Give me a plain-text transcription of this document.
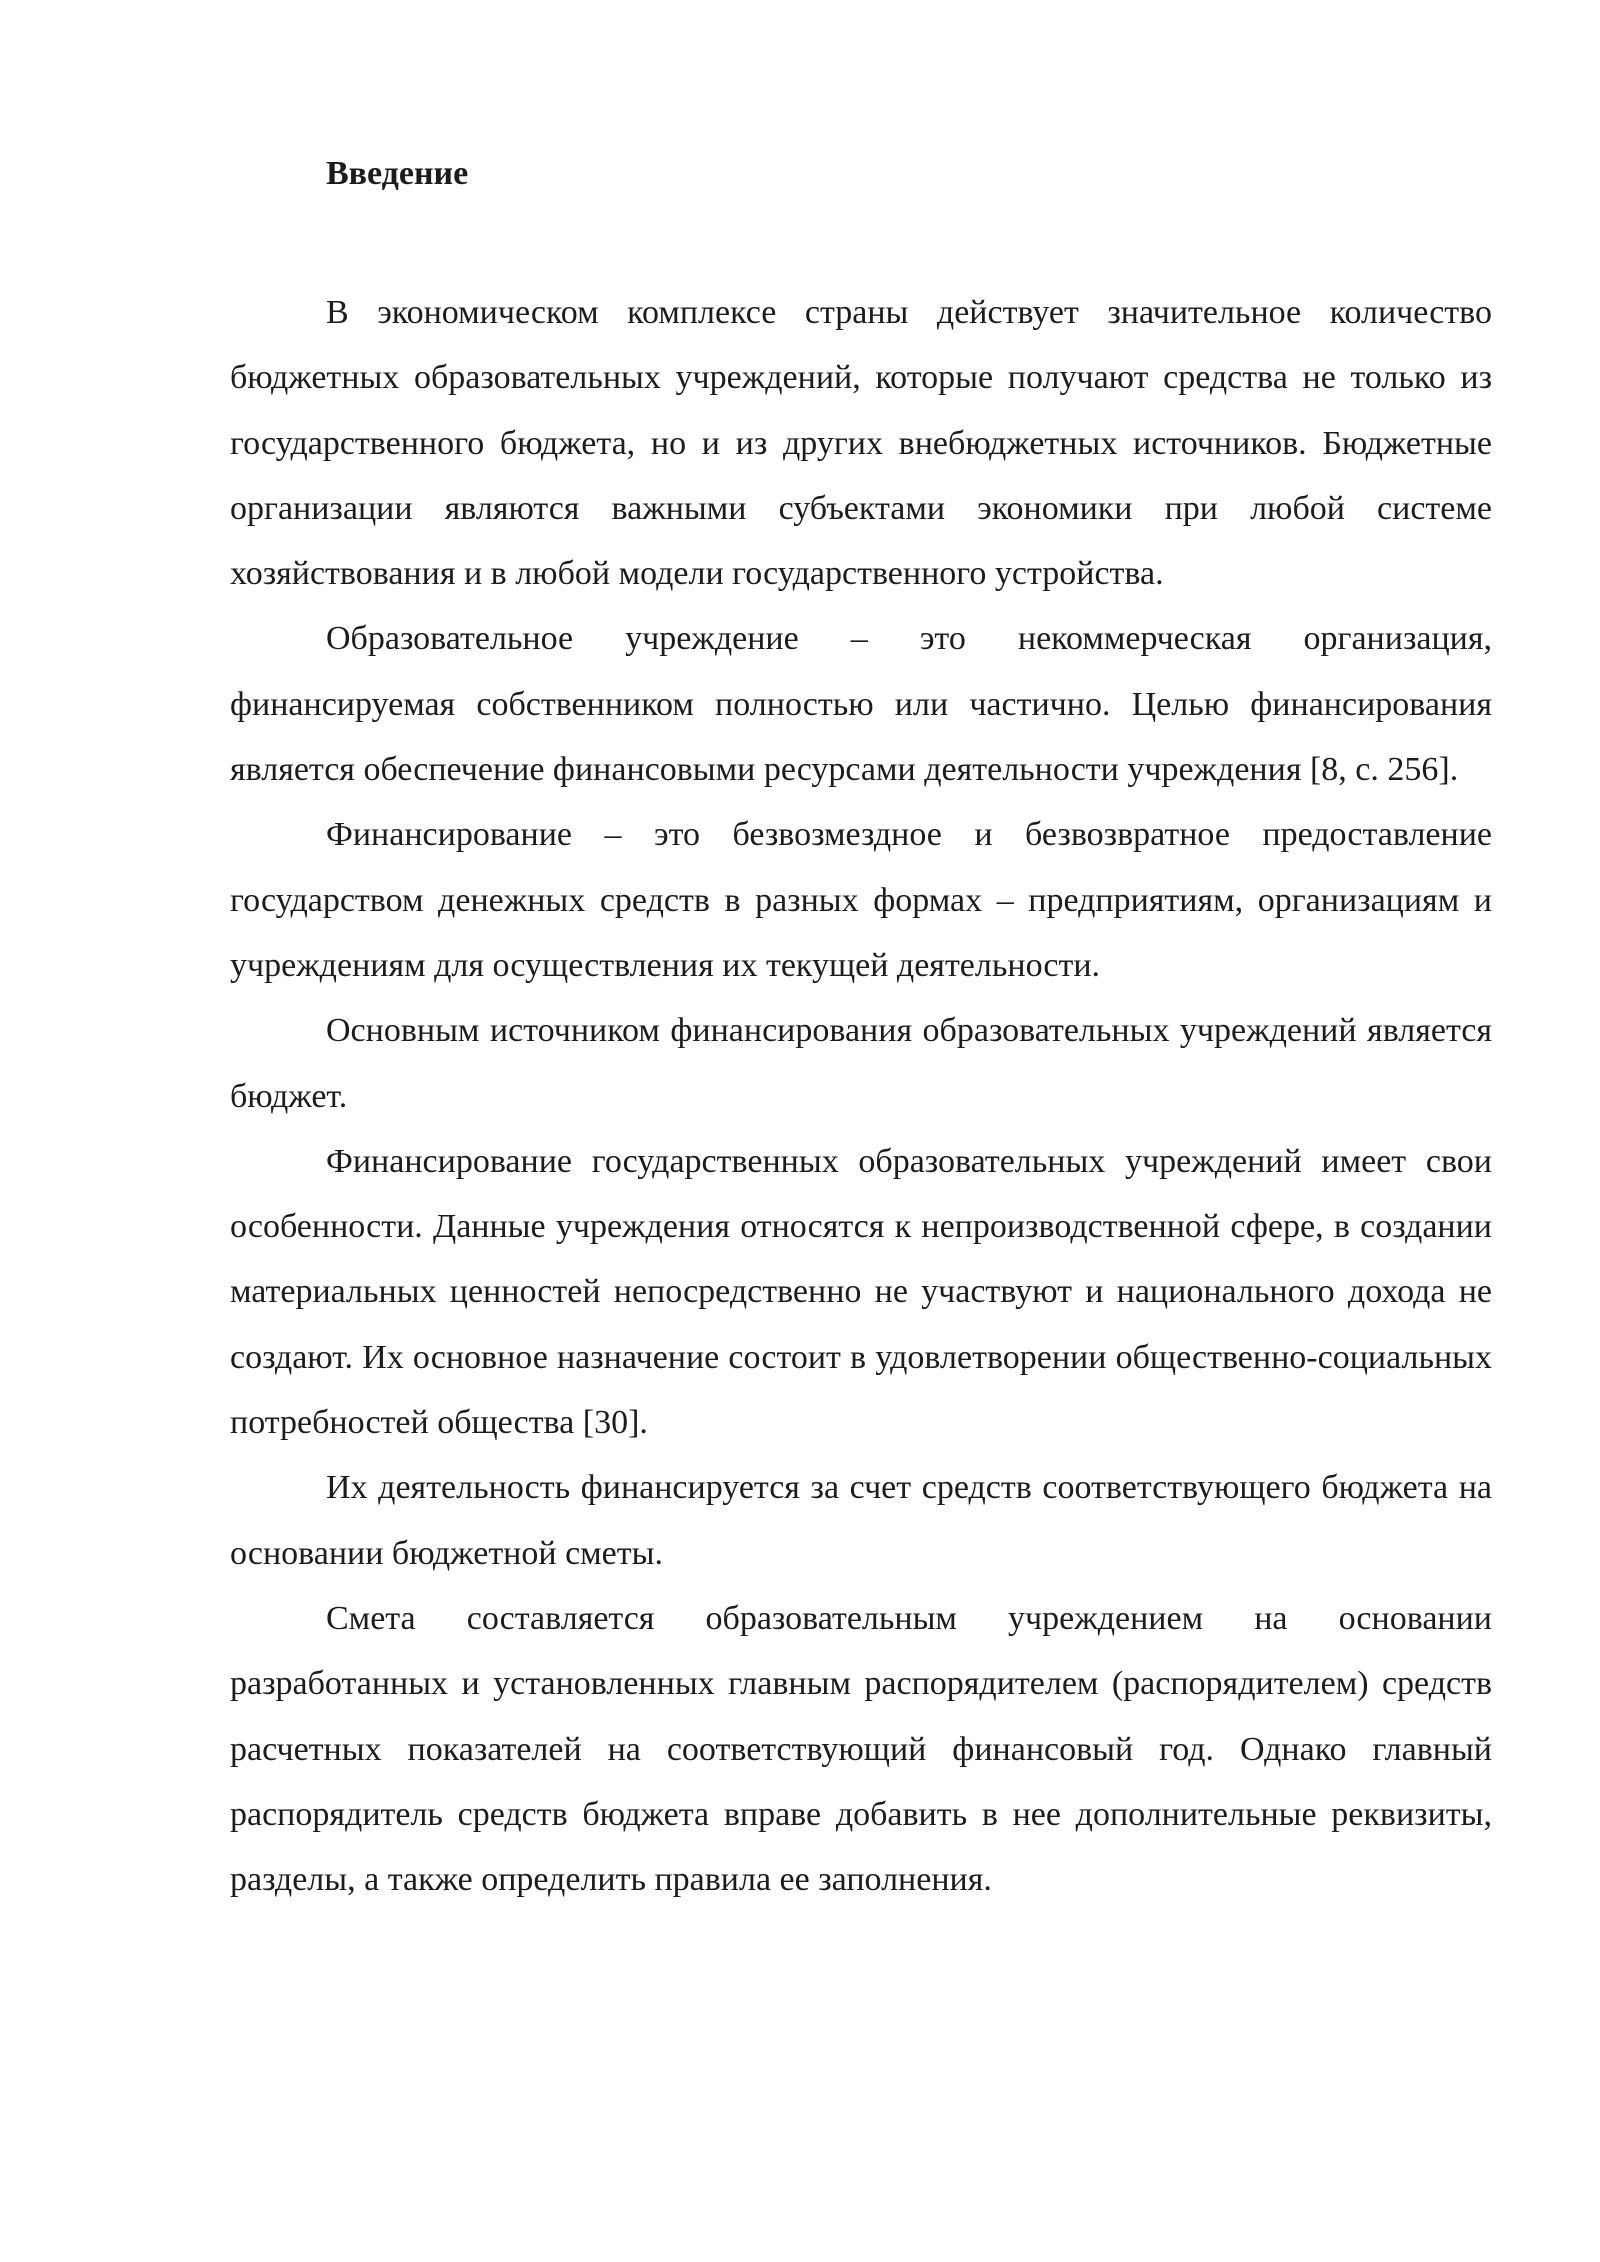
Введение

В экономическом комплексе страны действует значительное количество бюджетных образовательных учреждений, которые получают средства не только из государственного бюджета, но и из других внебюджетных источников. Бюджетные организации являются важными субъектами экономики при любой системе хозяйствования и в любой модели государственного устройства.

Образовательное учреждение – это некоммерческая организация, финансируемая собственником полностью или частично. Целью финансирования является обеспечение финансовыми ресурсами деятельности учреждения [8, с. 256].

Финансирование – это безвозмездное и безвозвратное предоставление государством денежных средств в разных формах – предприятиям, организациям и учреждениям для осуществления их текущей деятельности.

Основным источником финансирования образовательных учреждений является бюджет.

Финансирование государственных образовательных учреждений имеет свои особенности. Данные учреждения относятся к непроизводственной сфере, в создании материальных ценностей непосредственно не участвуют и национального дохода не создают. Их основное назначение состоит в удовлетворении общественно-социальных потребностей общества [30].

Их деятельность финансируется за счет средств соответствующего бюджета на основании бюджетной сметы.

Смета составляется образовательным учреждением на основании разработанных и установленных главным распорядителем (распорядителем) средств расчетных показателей на соответствующий финансовый год. Однако главный распорядитель средств бюджета вправе добавить в нее дополнительные реквизиты, разделы, а также определить правила ее заполнения.
